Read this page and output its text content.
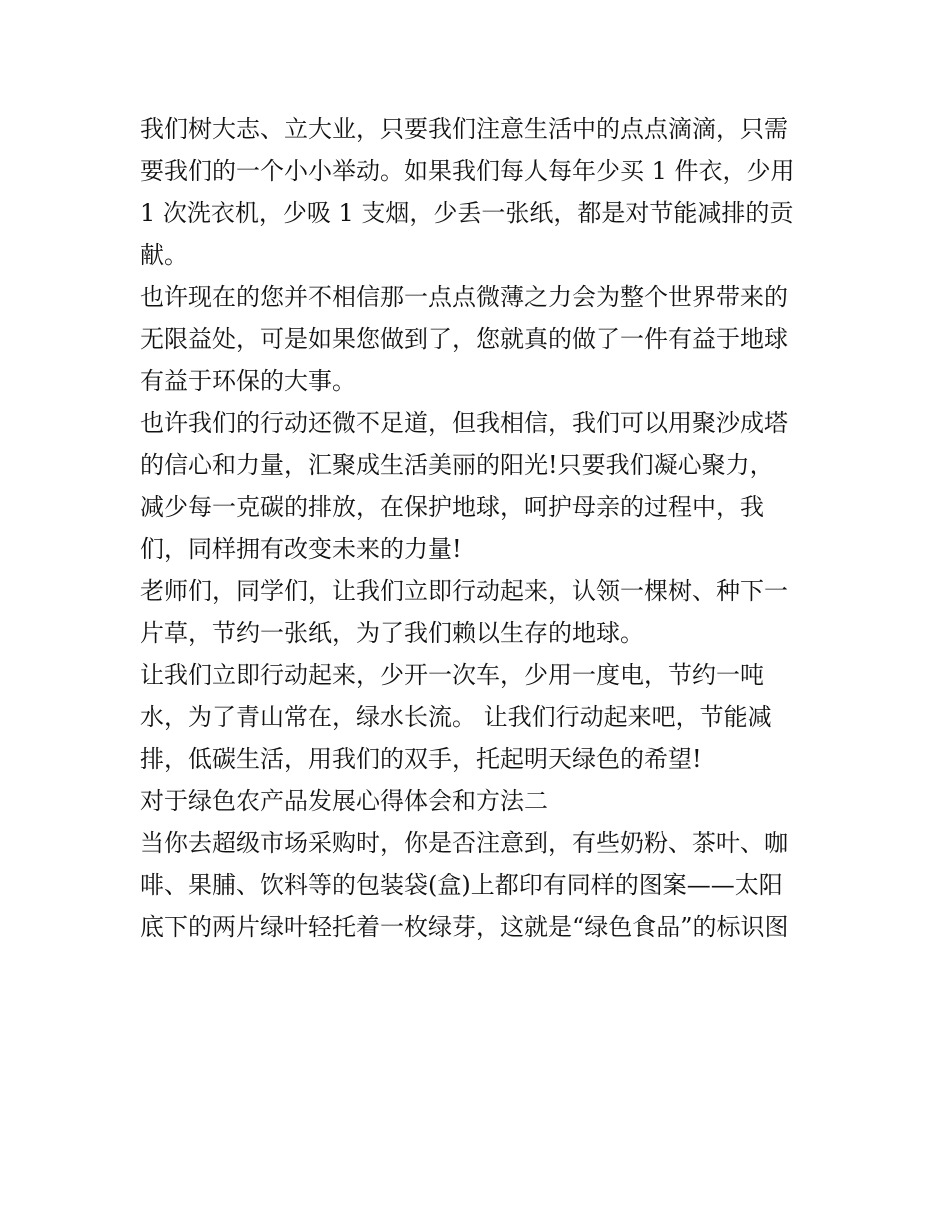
我们树大志、立大业，只要我们注意生活中的点点滴滴，只需
要我们的一个小小举动。如果我们每人每年少买 1 件衣，少用
1 次洗衣机，少吸 1 支烟，少丢一张纸，都是对节能减排的贡
献。
也许现在的您并不相信那一点点微薄之力会为整个世界带来的
无限益处，可是如果您做到了，您就真的做了一件有益于地球
有益于环保的大事。
也许我们的行动还微不足道，但我相信，我们可以用聚沙成塔
的信心和力量，汇聚成生活美丽的阳光!只要我们凝心聚力，
减少每一克碳的排放，在保护地球，呵护母亲的过程中，我
们，同样拥有改变未来的力量!
老师们，同学们，让我们立即行动起来，认领一棵树、种下一
片草，节约一张纸，为了我们赖以生存的地球。
让我们立即行动起来，少开一次车，少用一度电，节约一吨
水，为了青山常在，绿水长流。 让我们行动起来吧，节能减
排，低碳生活，用我们的双手，托起明天绿色的希望!
对于绿色农产品发展心得体会和方法二
当你去超级市场采购时，你是否注意到，有些奶粉、茶叶、咖
啡、果脯、饮料等的包装袋(盒)上都印有同样的图案——太阳
底下的两片绿叶轻托着一枚绿芽，这就是“绿色食品”的标识图
